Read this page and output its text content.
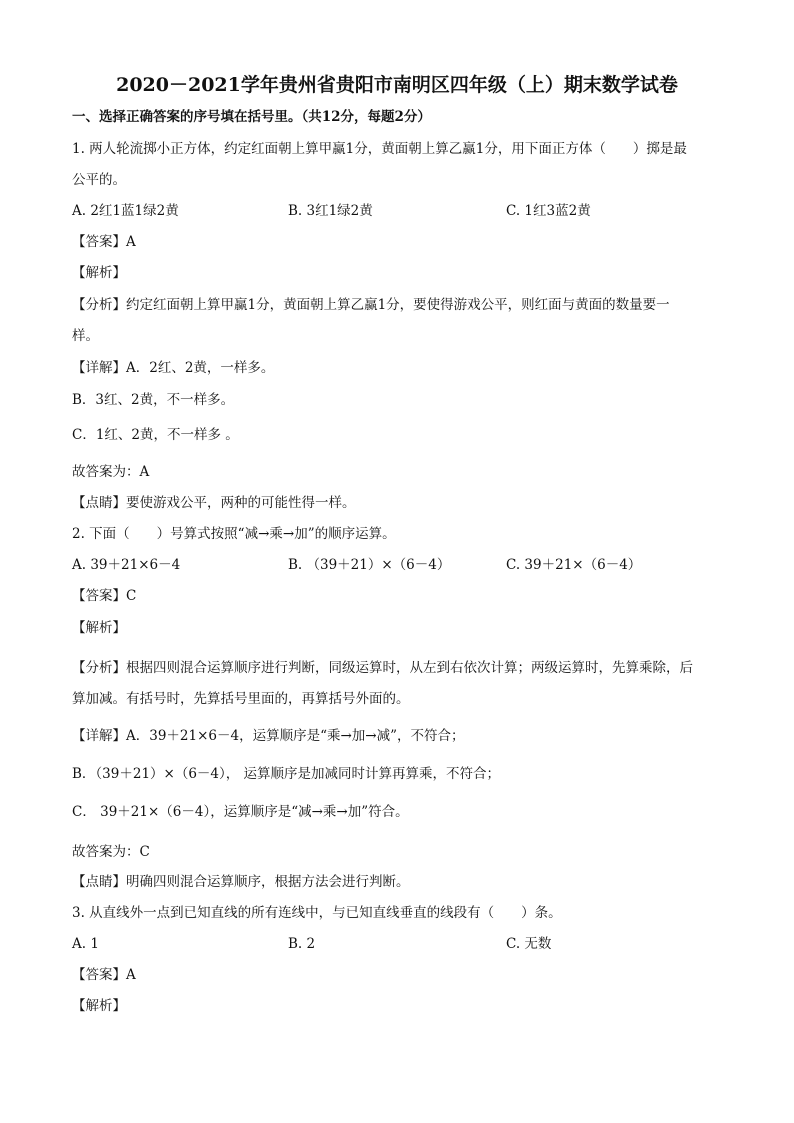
2020－2021学年贵州省贵阳市南明区四年级（上）期末数学试卷
一、选择正确答案的序号填在括号里。（共12分，每题2分）
1. 两人轮流掷小正方体，约定红面朝上算甲赢1分，黄面朝上算乙赢1分，用下面正方体（　　）掷是最
公平的。
A. 2红1蓝1绿2黄	B. 3红1绿2黄	C. 1红3蓝2黄
【答案】A
【解析】
【分析】约定红面朝上算甲赢1分，黄面朝上算乙赢1分，要使得游戏公平，则红面与黄面的数量要一
样。
【详解】A．2红、2黄，一样多。
B．3红、2黄，不一样多。
C．1红、2黄，不一样多 。
故答案为：A
【点睛】要使游戏公平，两种的可能性得一样。
2. 下面（　　）号算式按照“减→乘→加”的顺序运算。
A. 39＋21×6－4	B. （39＋21）×（6－4）	C. 39＋21×（6－4）
【答案】C
【解析】
【分析】根据四则混合运算顺序进行判断，同级运算时，从左到右依次计算；两级运算时，先算乘除，后
算加减。有括号时，先算括号里面的，再算括号外面的。
【详解】A．39＋21×6－4，运算顺序是“乘→加→减”，不符合；
B．（39＋21）×（6－4）， 运算顺序是加减同时计算再算乘，不符合；
C． 39＋21×（6－4），运算顺序是“减→乘→加”符合。
故答案为：C
【点睛】明确四则混合运算顺序，根据方法会进行判断。
3. 从直线外一点到已知直线的所有连线中，与已知直线垂直的线段有（　　）条。
A. 1	B. 2	C. 无数
【答案】A
【解析】
